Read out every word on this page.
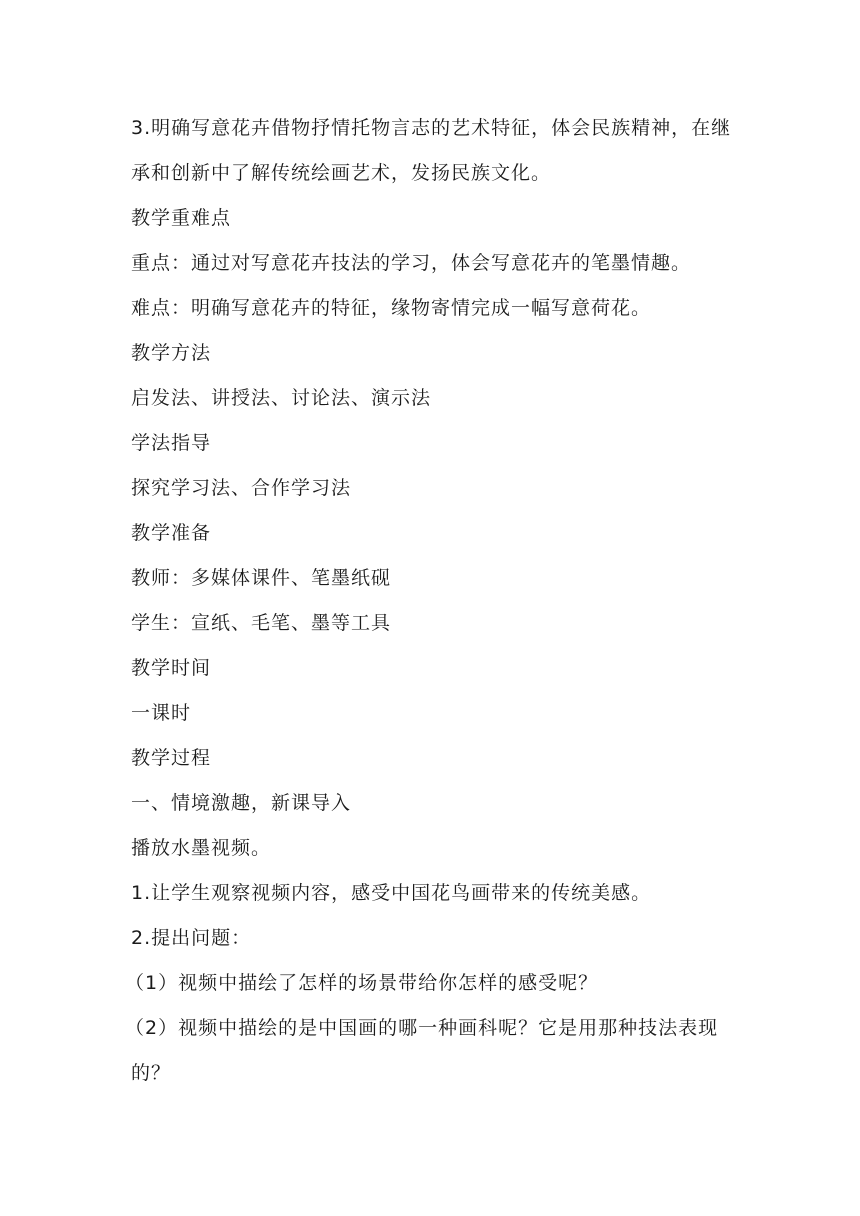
3.明确写意花卉借物抒情托物言志的艺术特征，体会民族精神，在继
承和创新中了解传统绘画艺术，发扬民族文化。
教学重难点
重点：通过对写意花卉技法的学习，体会写意花卉的笔墨情趣。
难点：明确写意花卉的特征，缘物寄情完成一幅写意荷花。
教学方法
启发法、讲授法、讨论法、演示法
学法指导
探究学习法、合作学习法
教学准备
教师：多媒体课件、笔墨纸砚
学生：宣纸、毛笔、墨等工具
教学时间
一课时
教学过程
一、情境激趣，新课导入
播放水墨视频。
1.让学生观察视频内容，感受中国花鸟画带来的传统美感。
2.提出问题：
（1）视频中描绘了怎样的场景带给你怎样的感受呢？
（2）视频中描绘的是中国画的哪一种画科呢？它是用那种技法表现
的？
